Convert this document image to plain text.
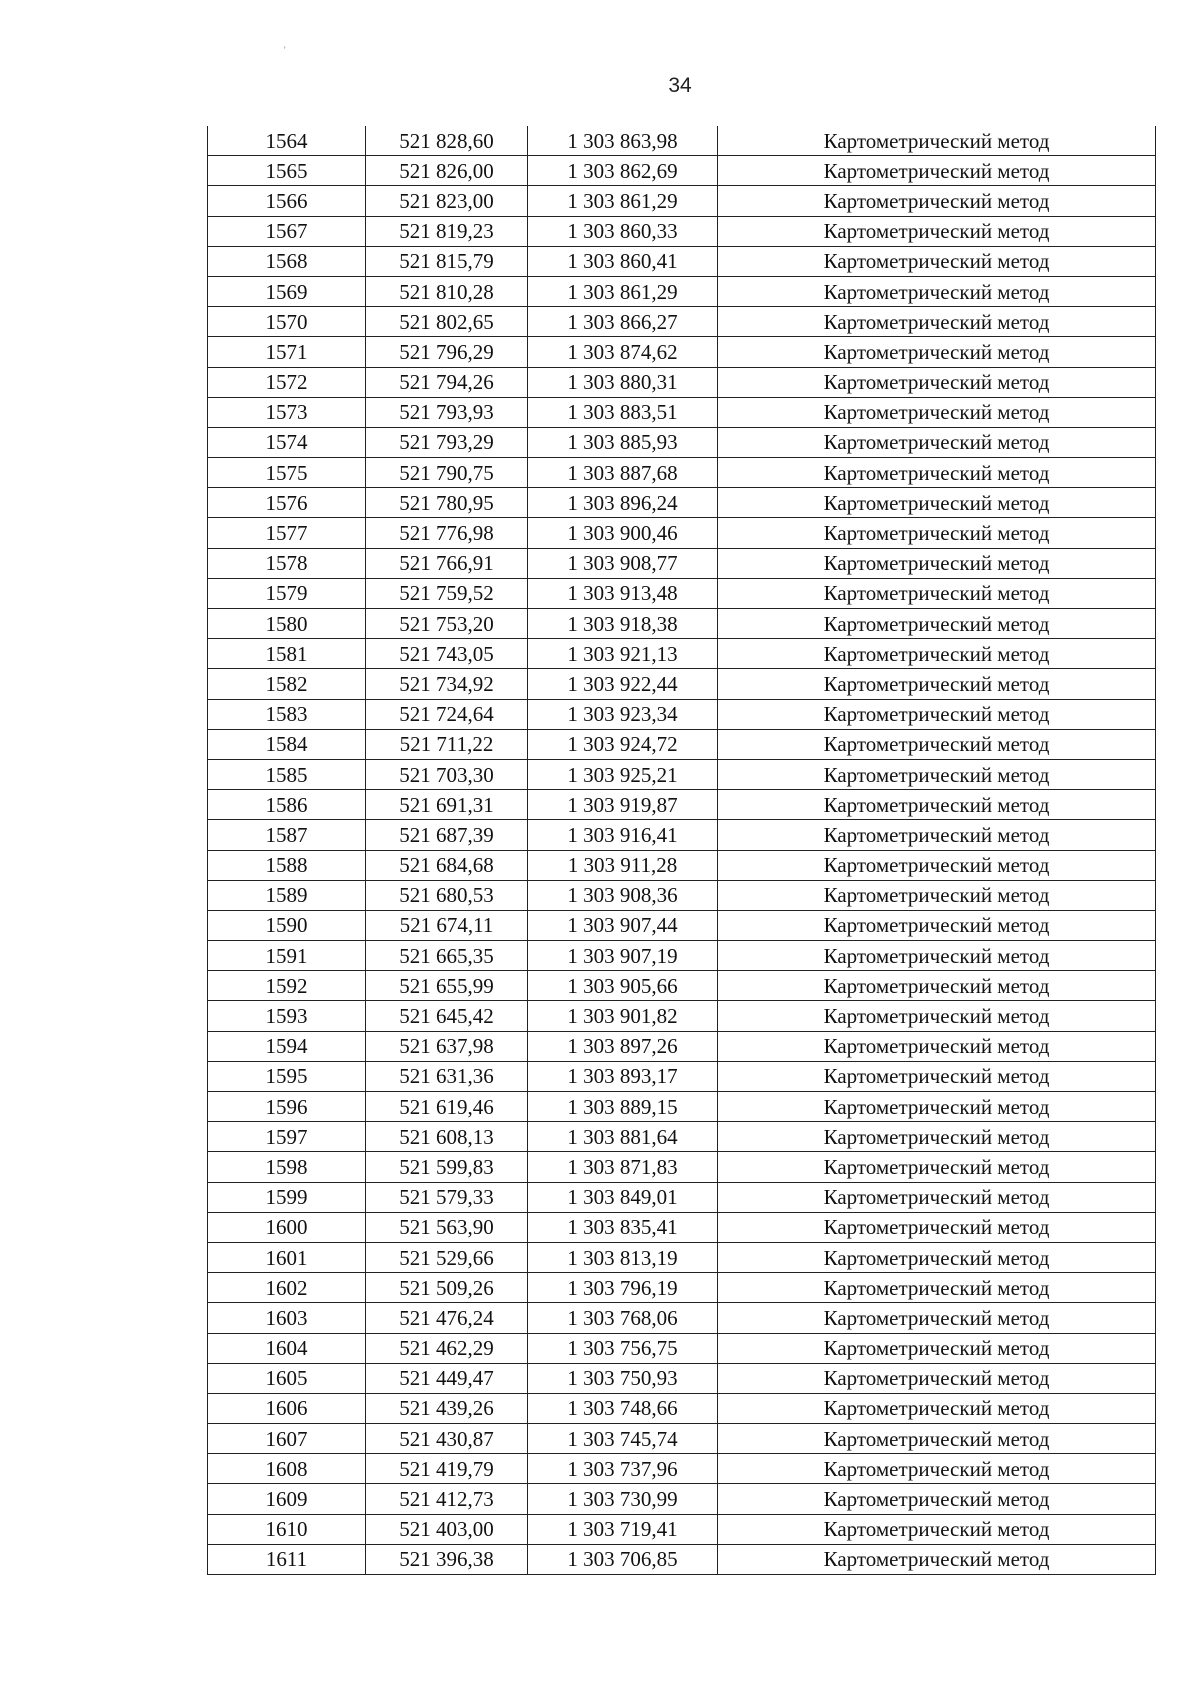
ʾ
34
1564	521 828,60	1 303 863,98	Картометрический метод
1565	521 826,00	1 303 862,69	Картометрический метод
1566	521 823,00	1 303 861,29	Картометрический метод
1567	521 819,23	1 303 860,33	Картометрический метод
1568	521 815,79	1 303 860,41	Картометрический метод
1569	521 810,28	1 303 861,29	Картометрический метод
1570	521 802,65	1 303 866,27	Картометрический метод
1571	521 796,29	1 303 874,62	Картометрический метод
1572	521 794,26	1 303 880,31	Картометрический метод
1573	521 793,93	1 303 883,51	Картометрический метод
1574	521 793,29	1 303 885,93	Картометрический метод
1575	521 790,75	1 303 887,68	Картометрический метод
1576	521 780,95	1 303 896,24	Картометрический метод
1577	521 776,98	1 303 900,46	Картометрический метод
1578	521 766,91	1 303 908,77	Картометрический метод
1579	521 759,52	1 303 913,48	Картометрический метод
1580	521 753,20	1 303 918,38	Картометрический метод
1581	521 743,05	1 303 921,13	Картометрический метод
1582	521 734,92	1 303 922,44	Картометрический метод
1583	521 724,64	1 303 923,34	Картометрический метод
1584	521 711,22	1 303 924,72	Картометрический метод
1585	521 703,30	1 303 925,21	Картометрический метод
1586	521 691,31	1 303 919,87	Картометрический метод
1587	521 687,39	1 303 916,41	Картометрический метод
1588	521 684,68	1 303 911,28	Картометрический метод
1589	521 680,53	1 303 908,36	Картометрический метод
1590	521 674,11	1 303 907,44	Картометрический метод
1591	521 665,35	1 303 907,19	Картометрический метод
1592	521 655,99	1 303 905,66	Картометрический метод
1593	521 645,42	1 303 901,82	Картометрический метод
1594	521 637,98	1 303 897,26	Картометрический метод
1595	521 631,36	1 303 893,17	Картометрический метод
1596	521 619,46	1 303 889,15	Картометрический метод
1597	521 608,13	1 303 881,64	Картометрический метод
1598	521 599,83	1 303 871,83	Картометрический метод
1599	521 579,33	1 303 849,01	Картометрический метод
1600	521 563,90	1 303 835,41	Картометрический метод
1601	521 529,66	1 303 813,19	Картометрический метод
1602	521 509,26	1 303 796,19	Картометрический метод
1603	521 476,24	1 303 768,06	Картометрический метод
1604	521 462,29	1 303 756,75	Картометрический метод
1605	521 449,47	1 303 750,93	Картометрический метод
1606	521 439,26	1 303 748,66	Картометрический метод
1607	521 430,87	1 303 745,74	Картометрический метод
1608	521 419,79	1 303 737,96	Картометрический метод
1609	521 412,73	1 303 730,99	Картометрический метод
1610	521 403,00	1 303 719,41	Картометрический метод
1611	521 396,38	1 303 706,85	Картометрический метод
